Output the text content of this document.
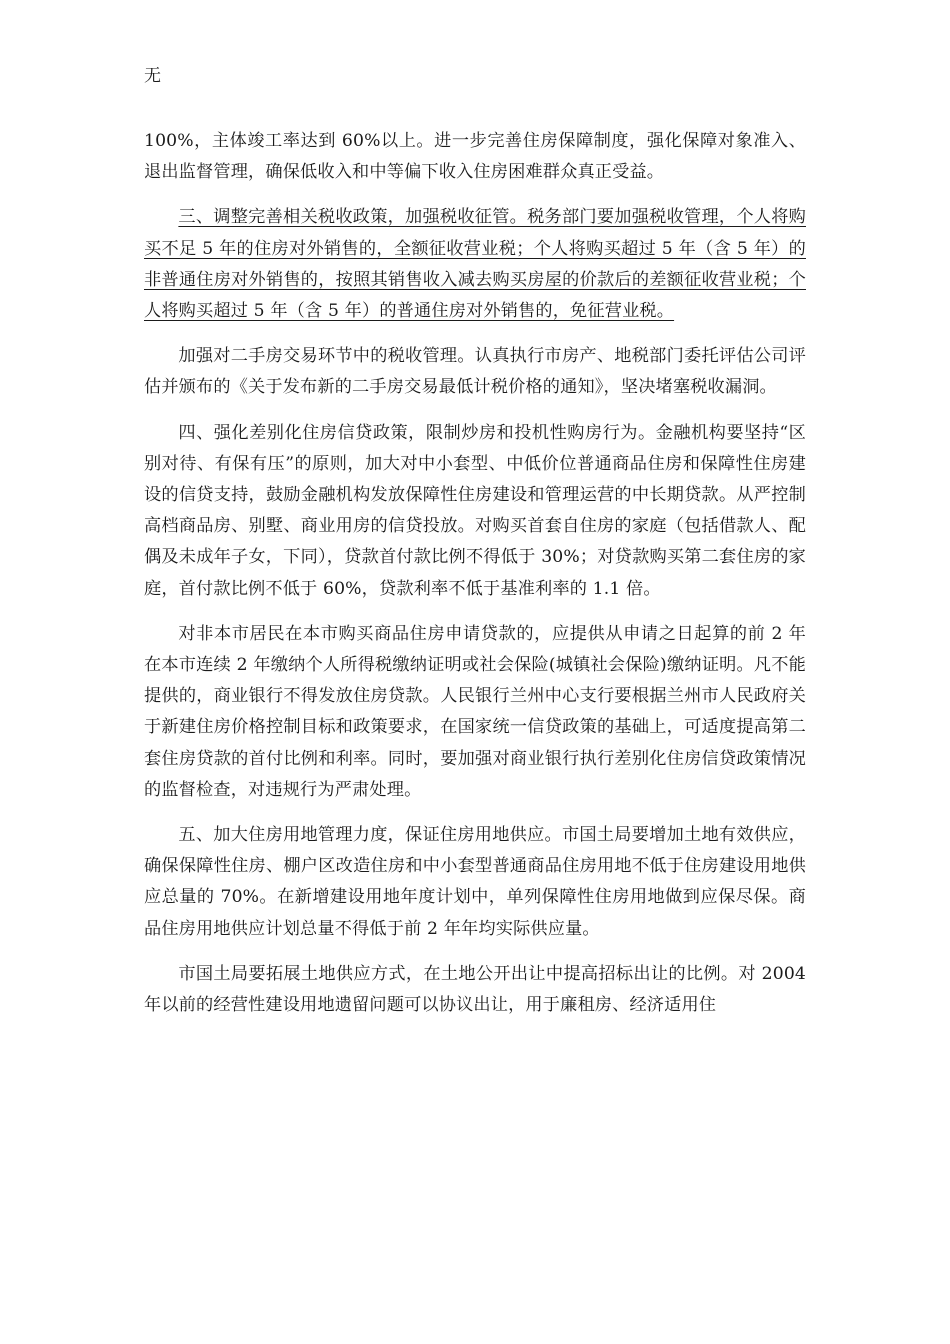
无

100%，主体竣工率达到 60%以上。进一步完善住房保障制度，强化保障对象准入、退出监督管理，确保低收入和中等偏下收入住房困难群众真正受益。

三、调整完善相关税收政策，加强税收征管。税务部门要加强税收管理，个人将购买不足 5 年的住房对外销售的，全额征收营业税；个人将购买超过 5 年（含 5 年）的非普通住房对外销售的，按照其销售收入减去购买房屋的价款后的差额征收营业税；个人将购买超过 5 年（含 5 年）的普通住房对外销售的，免征营业税。

加强对二手房交易环节中的税收管理。认真执行市房产、地税部门委托评估公司评估并颁布的《关于发布新的二手房交易最低计税价格的通知》，坚决堵塞税收漏洞。

四、强化差别化住房信贷政策，限制炒房和投机性购房行为。金融机构要坚持“区别对待、有保有压”的原则，加大对中小套型、中低价位普通商品住房和保障性住房建设的信贷支持，鼓励金融机构发放保障性住房建设和管理运营的中长期贷款。从严控制高档商品房、别墅、商业用房的信贷投放。对购买首套自住房的家庭（包括借款人、配偶及未成年子女，下同），贷款首付款比例不得低于 30%；对贷款购买第二套住房的家庭，首付款比例不低于 60%，贷款利率不低于基准利率的 1.1 倍。

对非本市居民在本市购买商品住房申请贷款的，应提供从申请之日起算的前 2 年在本市连续 2 年缴纳个人所得税缴纳证明或社会保险(城镇社会保险)缴纳证明。凡不能提供的，商业银行不得发放住房贷款。人民银行兰州中心支行要根据兰州市人民政府关于新建住房价格控制目标和政策要求，在国家统一信贷政策的基础上，可适度提高第二套住房贷款的首付比例和利率。同时，要加强对商业银行执行差别化住房信贷政策情况的监督检查，对违规行为严肃处理。

五、加大住房用地管理力度，保证住房用地供应。市国土局要增加土地有效供应，确保保障性住房、棚户区改造住房和中小套型普通商品住房用地不低于住房建设用地供应总量的 70%。在新增建设用地年度计划中，单列保障性住房用地做到应保尽保。商品住房用地供应计划总量不得低于前 2 年年均实际供应量。

市国土局要拓展土地供应方式，在土地公开出让中提高招标出让的比例。对 2004 年以前的经营性建设用地遗留问题可以协议出让，用于廉租房、经济适用住
